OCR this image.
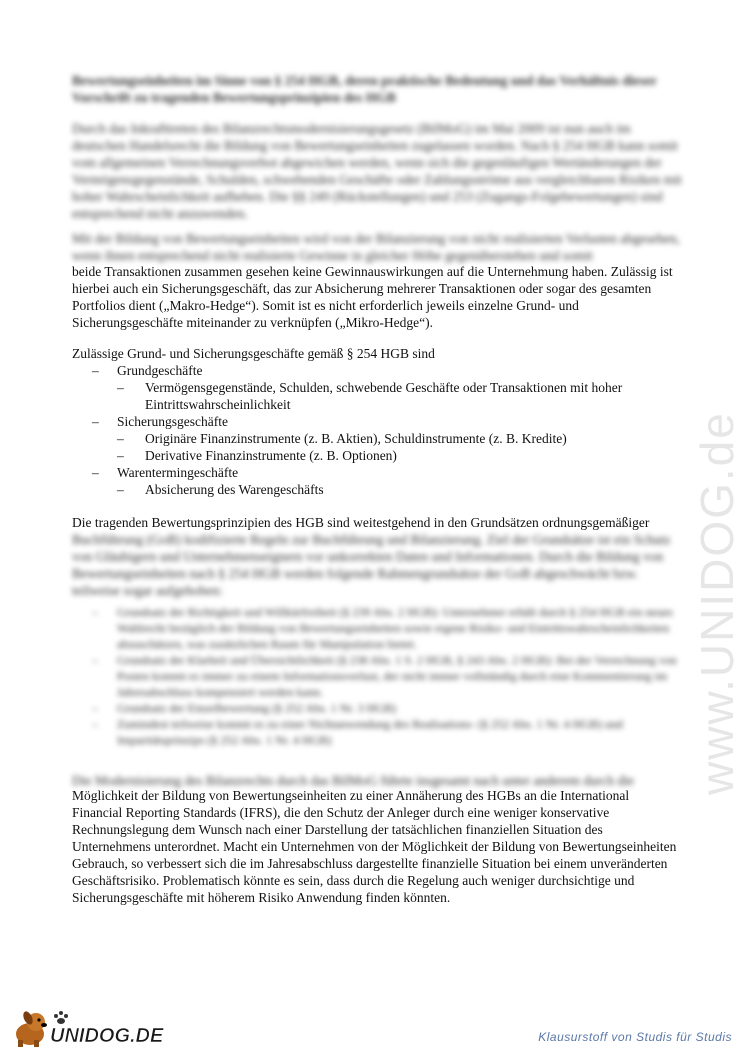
Bewertungseinheiten im Sinne von § 254 HGB, deren praktische Bedeutung und das Verhältnis dieser Vorschrift zu tragenden Bewertungsprinzipien des HGB
Durch das Inkrafttreten des Bilanzrechtsmodernisierungsgesetz (BilMoG) im Mai 2009 ist nun auch im deutschen Handelsrecht die Bildung von Bewertungseinheiten zugelassen worden. Nach § 254 HGB kann somit vom allgemeinen Verrechnungsverbot abgewichen werden, wenn sich die gegenläufigen Wertänderungen der Vermögensgegenstände, Schulden, schwebenden Geschäfte oder Zahlungsströme aus vergleichbaren Risiken mit hoher Wahrscheinlichkeit aufheben. Die §§ 249 (Rückstellungen) und 253 (Zugangs-Folgebewertungen) sind entsprechend nicht anzuwenden.
Mit der Bildung von Bewertungseinheiten wird von der Bilanzierung von nicht realisierten Verlusten abgesehen, wenn ihnen entsprechend nicht realisierte Gewinne in gleicher Höhe gegenüberstehen und somit
beide Transaktionen zusammen gesehen keine Gewinnauswirkungen auf die Unternehmung haben. Zulässig ist hierbei auch ein Sicherungsgeschäft, das zur Absicherung mehrerer Transaktionen oder sogar des gesamten Portfolios dient („Makro-Hedge“). Somit ist es nicht erforderlich jeweils einzelne Grund- und Sicherungsgeschäfte miteinander zu verknüpfen („Mikro-Hedge“).
Zulässige Grund- und Sicherungsgeschäfte gemäß § 254 HGB sind
–	Grundgeschäfte
–	Vermögensgegenstände, Schulden, schwebende Geschäfte oder Transaktionen mit hoher Eintrittswahrscheinlichkeit
–	Sicherungsgeschäfte
–	Originäre Finanzinstrumente (z. B. Aktien), Schuldinstrumente (z. B. Kredite)
–	Derivative Finanzinstrumente (z. B. Optionen)
–	Warentermingeschäfte
–	Absicherung des Warengeschäfts
Die tragenden Bewertungsprinzipien des HGB sind weitestgehend in den Grundsätzen ordnungsgemäßiger
Buchführung (GoB) kodifizierte Regeln zur Buchführung und Bilanzierung. Ziel der Grundsätze ist ein Schutz von Gläubigern und Unternehmenseignern vor unkorrekten Daten und Informationen. Durch die Bildung von Bewertungseinheiten nach § 254 HGB werden folgende Rahmengrundsätze der GoB abgeschwächt bzw. teilweise sogar aufgehoben:
–	Grundsatz der Richtigkeit und Willkürfreiheit (§ 239 Abs. 2 HGB): Unternehmer erhält durch § 254 HGB ein neues Wahlrecht bezüglich der Bildung von Bewertungseinheiten sowie eigene Risiko- und Eintrittswahrscheinlichkeiten abzuschätzen, was zusätzlichen Raum für Manipulation bietet.
–	Grundsatz der Klarheit und Übersichtlichkeit (§ 238 Abs. 1 S. 2 HGB, § 243 Abs. 2 HGB): Bei der Verrechnung von Posten kommt es immer zu einem Informationsverlust, der nicht immer vollständig durch eine Kommentierung im Jahresabschluss kompensiert werden kann.
–	Grundsatz der Einzelbewertung (§ 252 Abs. 1 Nr. 3 HGB)
–	Zumindest teilweise kommt es zu einer Nichtanwendung des Realisations- (§ 252 Abs. 1 Nr. 4 HGB) und Imparitätsprinzips (§ 252 Abs. 1 Nr. 4 HGB)
Die Modernisierung des Bilanzrechts durch das BilMoG führte insgesamt nach unter anderem durch die
Möglichkeit der Bildung von Bewertungseinheiten zu einer Annäherung des HGBs an die International Financial Reporting Standards (IFRS), die den Schutz der Anleger durch eine weniger konservative Rechnungslegung dem Wunsch nach einer Darstellung der tatsächlichen finanziellen Situation des Unternehmens unterordnet. Macht ein Unternehmen von der Möglichkeit der Bildung von Bewertungseinheiten Gebrauch, so verbessert sich die im Jahresabschluss dargestellte finanzielle Situation bei einem unveränderten Geschäftsrisiko. Problematisch könnte es sein, dass durch die Regelung auch weniger durchsichtige und Sicherungsgeschäfte mit höherem Risiko Anwendung finden könnten.
www.UNIDOG.de
UNIDOG.DE	Klausurstoff von Studis für Studis
